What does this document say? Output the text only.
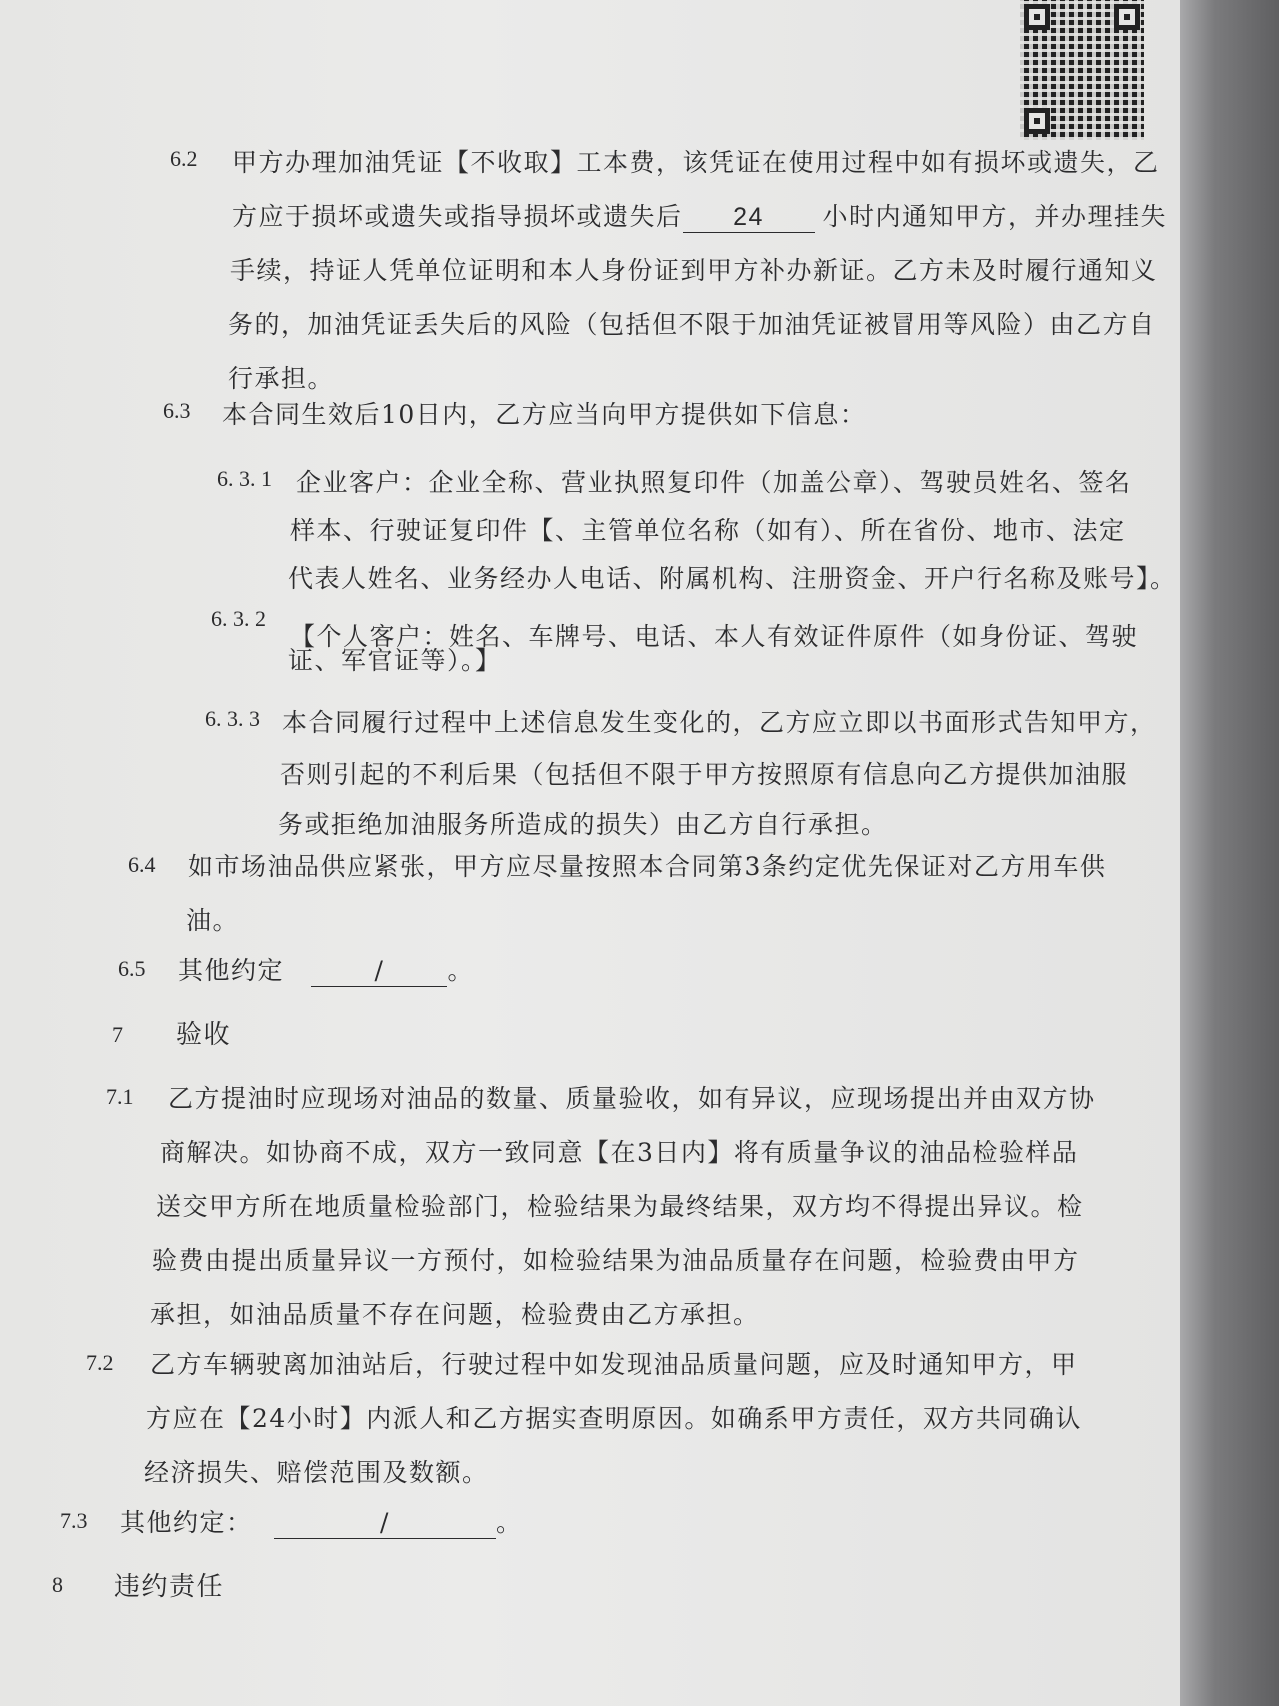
6.2 甲方办理加油凭证【不收取】工本费，该凭证在使用过程中如有损坏或遗失，乙
方应于损坏或遗失或指导损坏或遗失后 24 小时内通知甲方，并办理挂失
手续，持证人凭单位证明和本人身份证到甲方补办新证。乙方未及时履行通知义
务的，加油凭证丢失后的风险（包括但不限于加油凭证被冒用等风险）由乙方自
行承担。
6.3 本合同生效后10日内，乙方应当向甲方提供如下信息：
6. 3. 1 企业客户：企业全称、营业执照复印件（加盖公章）、驾驶员姓名、签名
样本、行驶证复印件【、主管单位名称（如有）、所在省份、地市、法定
代表人姓名、业务经办人电话、附属机构、注册资金、开户行名称及账号】。
6. 3. 2
【个人客户：姓名、车牌号、电话、本人有效证件原件（如身份证、驾驶
证、军官证等）。】
6. 3. 3 本合同履行过程中上述信息发生变化的，乙方应立即以书面形式告知甲方，
否则引起的不利后果（包括但不限于甲方按照原有信息向乙方提供加油服
务或拒绝加油服务所造成的损失）由乙方自行承担。
6.4 如市场油品供应紧张，甲方应尽量按照本合同第3条约定优先保证对乙方用车供
油。
6.5 其他约定	/	。
7 验收
7.1 乙方提油时应现场对油品的数量、质量验收，如有异议，应现场提出并由双方协
商解决。如协商不成，双方一致同意【在3日内】将有质量争议的油品检验样品
送交甲方所在地质量检验部门，检验结果为最终结果，双方均不得提出异议。检
验费由提出质量异议一方预付，如检验结果为油品质量存在问题，检验费由甲方
承担，如油品质量不存在问题，检验费由乙方承担。
7.2 乙方车辆驶离加油站后，行驶过程中如发现油品质量问题，应及时通知甲方，甲
方应在【24小时】内派人和乙方据实查明原因。如确系甲方责任，双方共同确认
经济损失、赔偿范围及数额。
7.3 其他约定：	/	。
8 违约责任
